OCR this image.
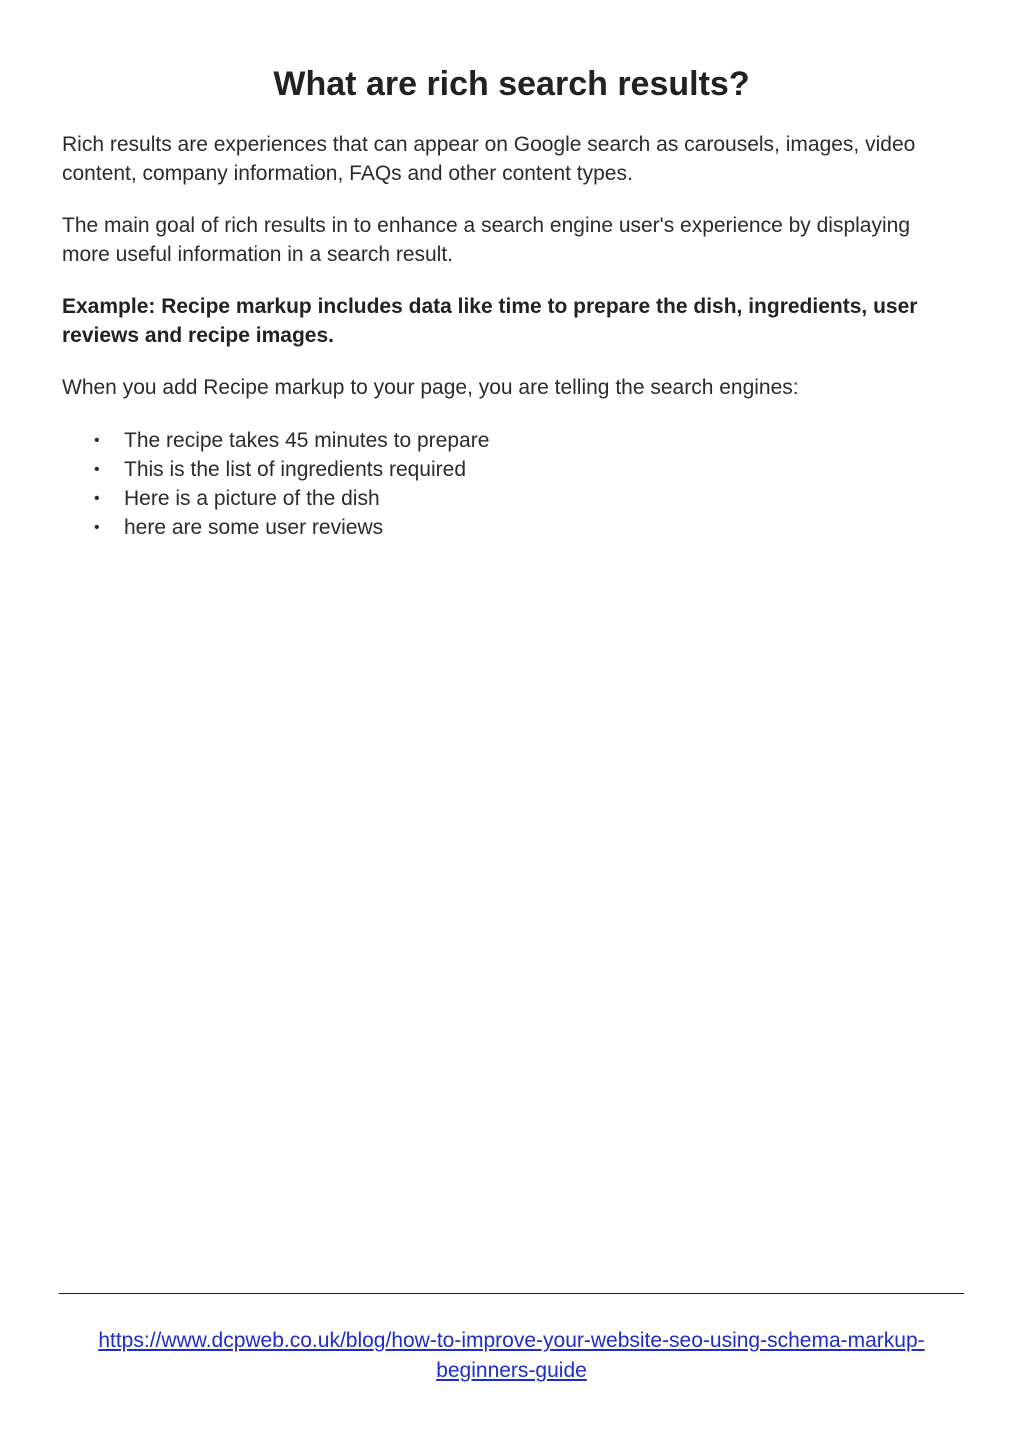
What are rich search results?

Rich results are experiences that can appear on Google search as carousels, images, video content, company information, FAQs and other content types.

The main goal of rich results in to enhance a search engine user's experience by displaying more useful information in a search result.

Example: Recipe markup includes data like time to prepare the dish, ingredients, user reviews and recipe images.

When you add Recipe markup to your page, you are telling the search engines:

• The recipe takes 45 minutes to prepare
• This is the list of ingredients required
• Here is a picture of the dish
• here are some user reviews
https://www.dcpweb.co.uk/blog/how-to-improve-your-website-seo-using-schema-markup-beginners-guide
